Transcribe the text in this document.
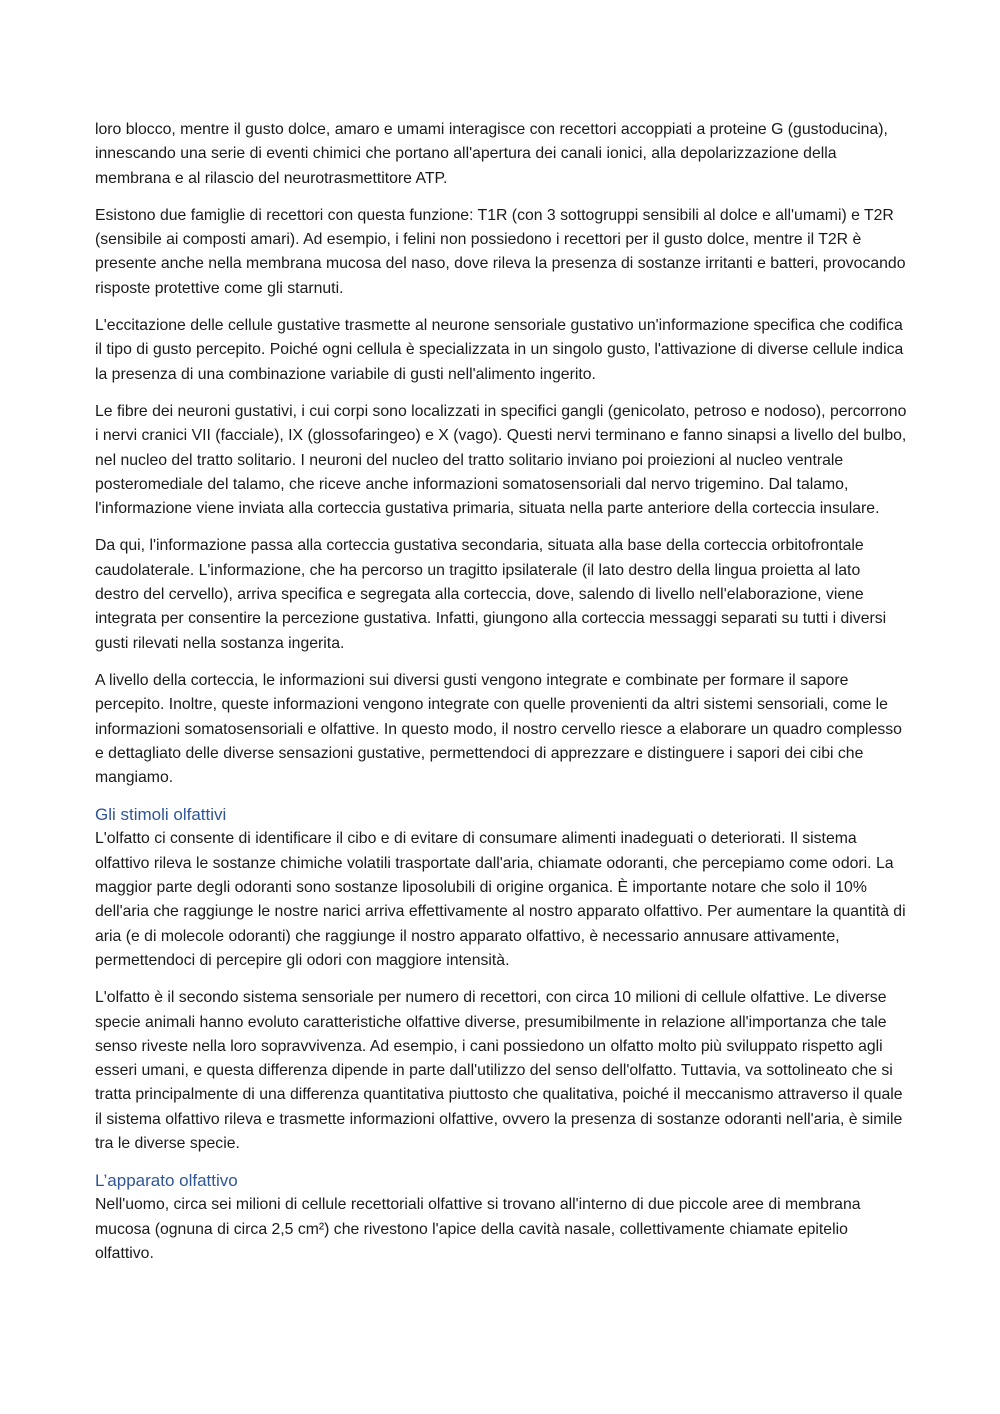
loro blocco, mentre il gusto dolce, amaro e umami interagisce con recettori accoppiati a proteine G (gustoducina), innescando una serie di eventi chimici che portano all'apertura dei canali ionici, alla depolarizzazione della membrana e al rilascio del neurotrasmettitore ATP.

Esistono due famiglie di recettori con questa funzione: T1R (con 3 sottogruppi sensibili al dolce e all'umami) e T2R (sensibile ai composti amari). Ad esempio, i felini non possiedono i recettori per il gusto dolce, mentre il T2R è presente anche nella membrana mucosa del naso, dove rileva la presenza di sostanze irritanti e batteri, provocando risposte protettive come gli starnuti.

L'eccitazione delle cellule gustative trasmette al neurone sensoriale gustativo un'informazione specifica che codifica il tipo di gusto percepito. Poiché ogni cellula è specializzata in un singolo gusto, l'attivazione di diverse cellule indica la presenza di una combinazione variabile di gusti nell'alimento ingerito.

Le fibre dei neuroni gustativi, i cui corpi sono localizzati in specifici gangli (genicolato, petroso e nodoso), percorrono i nervi cranici VII (facciale), IX (glossofaringeo) e X (vago). Questi nervi terminano e fanno sinapsi a livello del bulbo, nel nucleo del tratto solitario. I neuroni del nucleo del tratto solitario inviano poi proiezioni al nucleo ventrale posteromediale del talamo, che riceve anche informazioni somatosensoriali dal nervo trigemino. Dal talamo, l'informazione viene inviata alla corteccia gustativa primaria, situata nella parte anteriore della corteccia insulare.

Da qui, l'informazione passa alla corteccia gustativa secondaria, situata alla base della corteccia orbitofrontale caudolaterale. L'informazione, che ha percorso un tragitto ipsilaterale (il lato destro della lingua proietta al lato destro del cervello), arriva specifica e segregata alla corteccia, dove, salendo di livello nell'elaborazione, viene integrata per consentire la percezione gustativa. Infatti, giungono alla corteccia messaggi separati su tutti i diversi gusti rilevati nella sostanza ingerita.

A livello della corteccia, le informazioni sui diversi gusti vengono integrate e combinate per formare il sapore percepito. Inoltre, queste informazioni vengono integrate con quelle provenienti da altri sistemi sensoriali, come le informazioni somatosensoriali e olfattive. In questo modo, il nostro cervello riesce a elaborare un quadro complesso e dettagliato delle diverse sensazioni gustative, permettendoci di apprezzare e distinguere i sapori dei cibi che mangiamo.

Gli stimoli olfattivi

L'olfatto ci consente di identificare il cibo e di evitare di consumare alimenti inadeguati o deteriorati. Il sistema olfattivo rileva le sostanze chimiche volatili trasportate dall'aria, chiamate odoranti, che percepiamo come odori. La maggior parte degli odoranti sono sostanze liposolubili di origine organica. È importante notare che solo il 10% dell'aria che raggiunge le nostre narici arriva effettivamente al nostro apparato olfattivo. Per aumentare la quantità di aria (e di molecole odoranti) che raggiunge il nostro apparato olfattivo, è necessario annusare attivamente, permettendoci di percepire gli odori con maggiore intensità.

L'olfatto è il secondo sistema sensoriale per numero di recettori, con circa 10 milioni di cellule olfattive. Le diverse specie animali hanno evoluto caratteristiche olfattive diverse, presumibilmente in relazione all'importanza che tale senso riveste nella loro sopravvivenza. Ad esempio, i cani possiedono un olfatto molto più sviluppato rispetto agli esseri umani, e questa differenza dipende in parte dall'utilizzo del senso dell'olfatto. Tuttavia, va sottolineato che si tratta principalmente di una differenza quantitativa piuttosto che qualitativa, poiché il meccanismo attraverso il quale il sistema olfattivo rileva e trasmette informazioni olfattive, ovvero la presenza di sostanze odoranti nell'aria, è simile tra le diverse specie.

L’apparato olfattivo

Nell'uomo, circa sei milioni di cellule recettoriali olfattive si trovano all'interno di due piccole aree di membrana mucosa (ognuna di circa 2,5 cm²) che rivestono l'apice della cavità nasale, collettivamente chiamate epitelio olfattivo.
